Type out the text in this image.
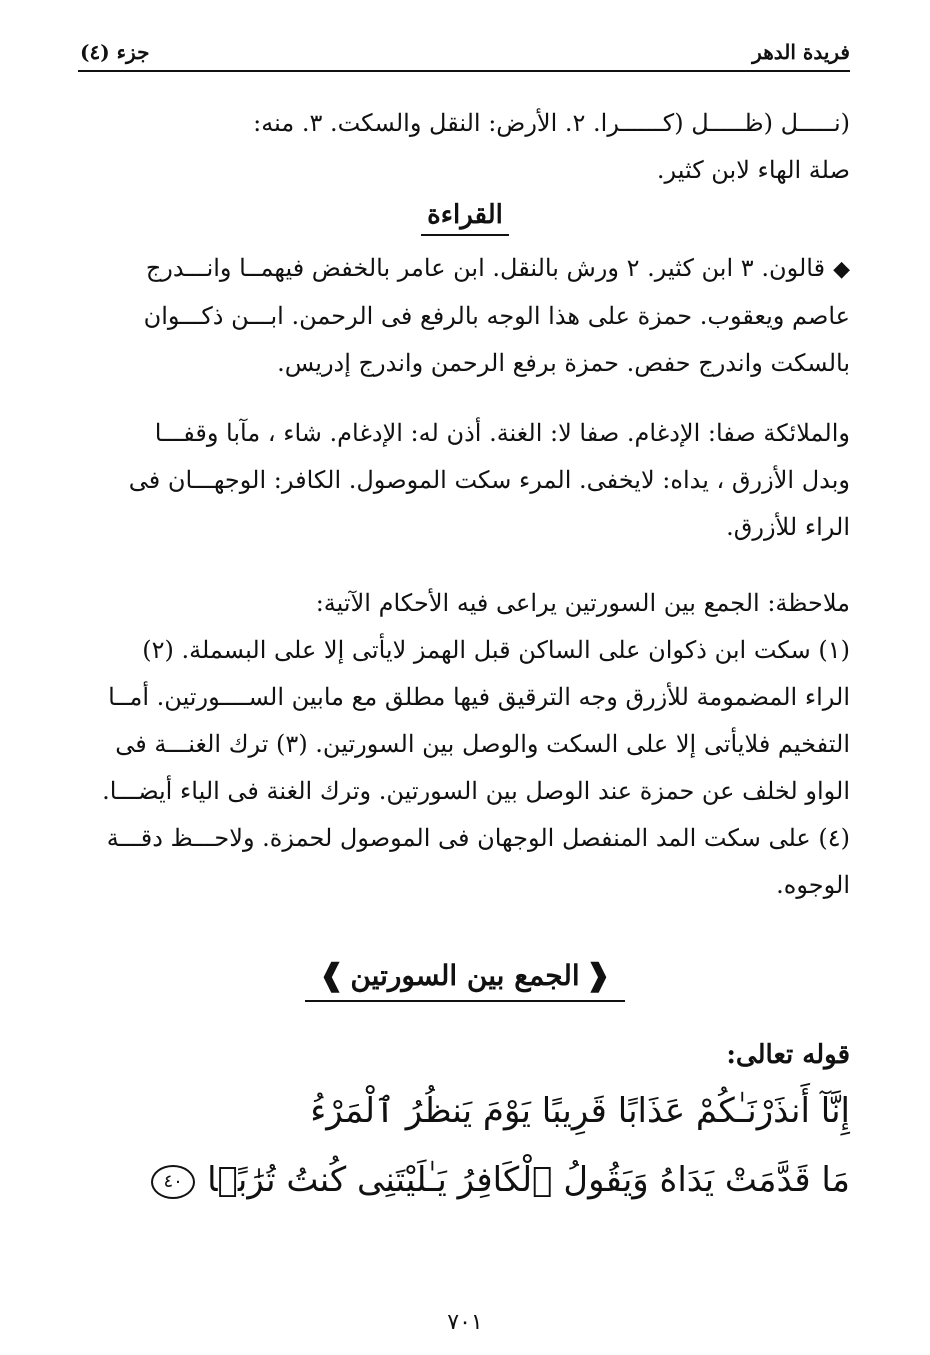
فريدة الدهر
جزء (٤)
(نـــــل (ظـــــل (كــــــرا. ٢. الأرض: النقل والسكت. ٣. منه:
صلة الهاء لابن كثير.
القراءة
◆قالون. ٣ ابن كثير. ٢ ورش بالنقل. ابن عامر بالخفض فيهمــا وانـــدرج
عاصم ويعقوب. حمزة على هذا الوجه بالرفع فى الرحمن. ابـــن ذكـــوان
بالسكت واندرج حفص. حمزة برفع الرحمن واندرج إدريس.
والملائكة صفا: الإدغام. صفا لا: الغنة. أذن له: الإدغام. شاء ، مآبا وقفـــا
وبدل الأزرق ، يداه: لايخفى. المرء سكت الموصول. الكافر: الوجهـــان فى
الراء للأزرق.
ملاحظة: الجمع بين السورتين يراعى فيه الأحكام الآتية:
(١) سكت ابن ذكوان على الساكن قبل الهمز لايأتى إلا على البسملة. (٢)
الراء المضمومة للأزرق وجه الترقيق فيها مطلق مع مابين الســــورتين. أمــا
التفخيم فلايأتى إلا على السكت والوصل بين السورتين. (٣) ترك الغنـــة فى
الواو لخلف عن حمزة عند الوصل بين السورتين. وترك الغنة فى الياء أيضـــا.
(٤) على سكت المد المنفصل الوجهان فى الموصول لحمزة. ولاحـــظ دقـــة
الوجوه.
❰الجمع بين السورتين❱
قوله تعالى:
إِنَّآ أَنذَرْنَـٰكُمْ عَذَابًا قَرِيبًا يَوْمَ يَنظُرُ ٱلْمَرْءُ
مَا قَدَّمَتْ يَدَاهُ وَيَقُولُ ٱلْكَافِرُ يَـٰلَيْتَنِى كُنتُ تُرَٰبًۢا٤٠
٧٠١
